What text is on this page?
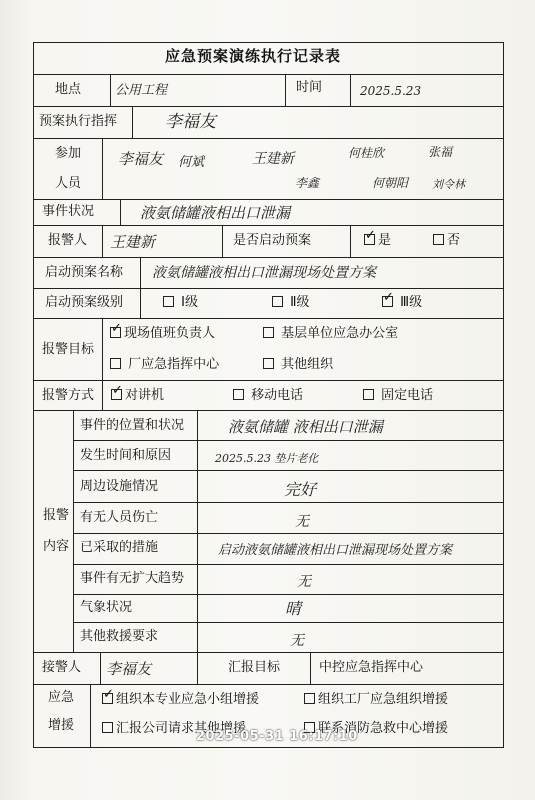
应急预案演练执行记录表
地点	公用工程	时间	2025.5.23
预案执行指挥	李福友
参加
人员
李福友 何斌	王建新	何桂欣	张福
李鑫	何朝阳 刘令林
事件状况	液氨储罐液相出口泄漏
报警人 王建新	是否启动预案 ✓	是	否
启动预案名称 液氨储罐液相出口泄漏现场处置方案
启动预案级别	Ⅰ级	Ⅱ级 ✓	Ⅲ级
报警目标
✓现场值班负责人	基层单位应急办公室
厂应急指挥中心	其他组织
报警方式 ✓	对讲机	移动电话	固定电话
报警
内容
事件的位置和状况	液氨储罐 液相出口泄漏
发生时间和原因	2025.5.23 垫片老化
周边设施情况	完好
有无人员伤亡	无
已采取的措施	启动液氨储罐液相出口泄漏现场处置方案
事件有无扩大趋势	无
气象状况	晴
其他救援要求	无
接警人 李福友	汇报目标	中控应急指挥中心
应急
增援
✓组织本专业应急小组增援	组织工厂应急组织增援
汇报公司请求其他增援	联系消防急救中心增援
2025-05-31 16:17:10
